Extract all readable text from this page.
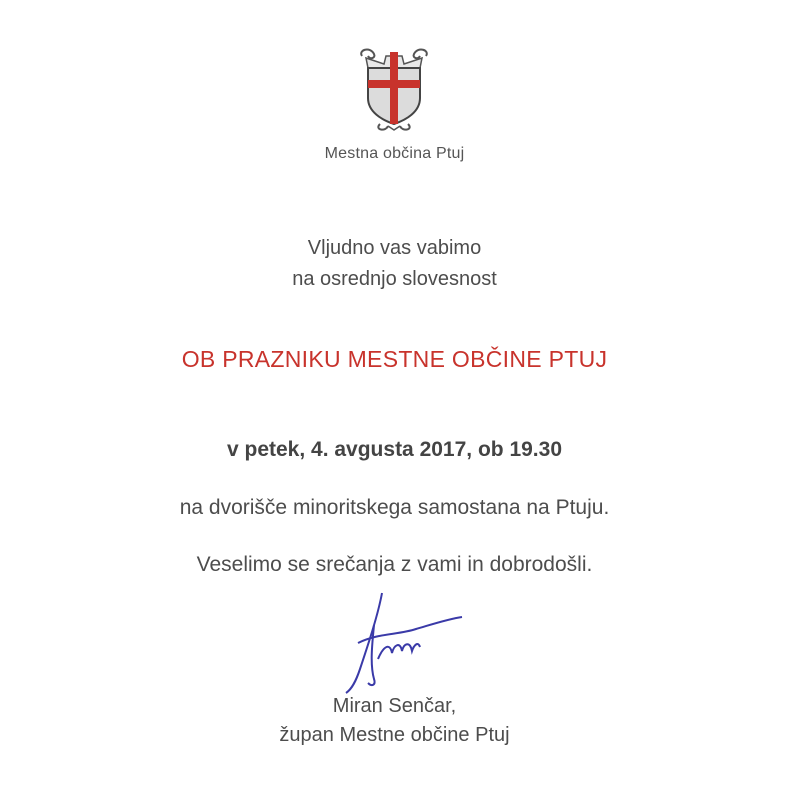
Mestna občina Ptuj
Vljudno vas vabimo
na osrednjo slovesnost
OB PRAZNIKU MESTNE OBČINE PTUJ
v petek, 4. avgusta 2017, ob 19.30
na dvorišče minoritskega samostana na Ptuju.
Veselimo se srečanja z vami in dobrodošli.
Miran Senčar,
župan Mestne občine Ptuj
